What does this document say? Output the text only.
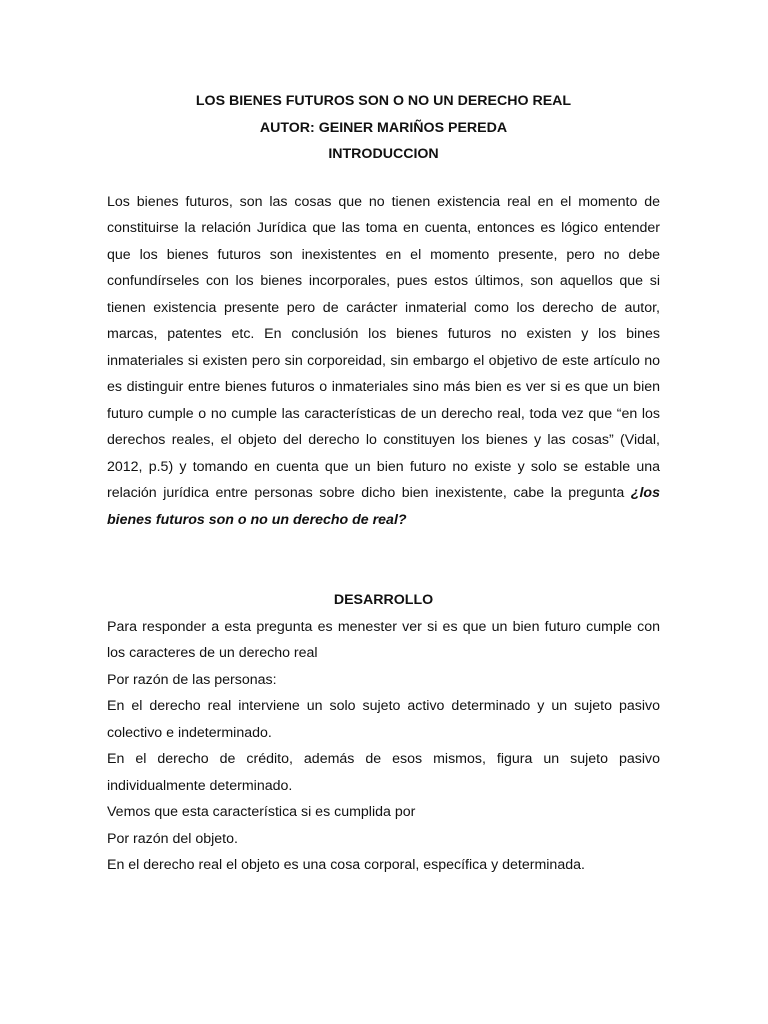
LOS BIENES FUTUROS SON O NO UN DERECHO REAL

AUTOR: GEINER MARIÑOS PEREDA

INTRODUCCION

Los bienes futuros, son las cosas que no tienen existencia real en el momento de constituirse la relación Jurídica que las toma en cuenta, entonces es lógico entender que los bienes futuros son inexistentes en el momento presente, pero no debe confundírseles con los bienes incorporales, pues estos últimos, son aquellos que si tienen existencia presente pero de carácter inmaterial como los derecho de autor, marcas, patentes etc. En conclusión los bienes futuros no existen y los bines inmateriales si existen pero sin corporeidad, sin embargo el objetivo de este artículo no es distinguir entre bienes futuros o inmateriales sino más bien es ver si es que un bien futuro cumple o no cumple las características de un derecho real, toda vez que “en los derechos reales, el objeto del derecho lo constituyen los bienes y las cosas” (Vidal, 2012, p.5) y tomando en cuenta que un bien futuro no existe y solo se estable una relación jurídica entre personas sobre dicho bien inexistente, cabe la pregunta ¿los bienes futuros son o no un derecho de real?

DESARROLLO

Para responder a esta pregunta es menester ver si es que un bien futuro cumple con los caracteres de un derecho real

Por razón de las personas:

En el derecho real interviene un solo sujeto activo determinado y un sujeto pasivo colectivo e indeterminado.

En el derecho de crédito, además de esos mismos, figura un sujeto pasivo individualmente determinado.

Vemos que esta característica si es cumplida por

Por razón del objeto.

En el derecho real el objeto es una cosa corporal, específica y determinada.
